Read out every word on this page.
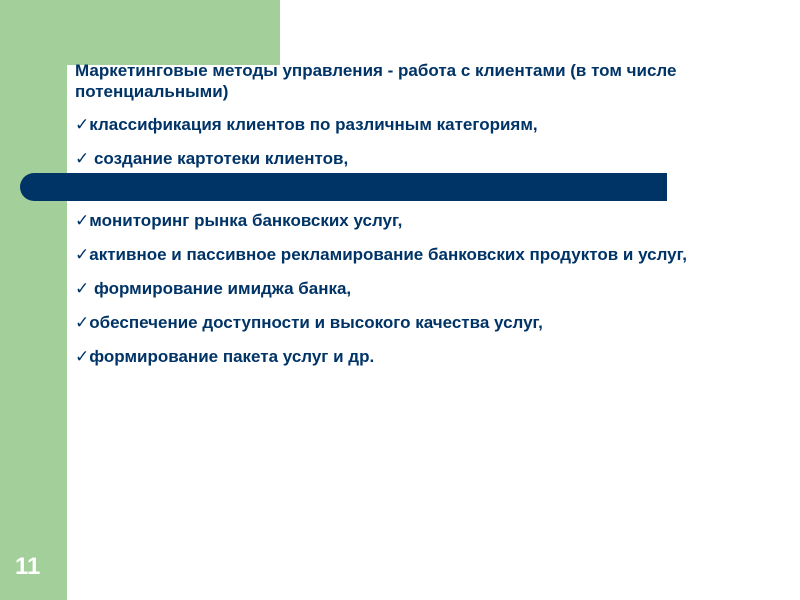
11

Маркетинговые методы управления - работа с клиентами (в том числе потенциальными)

✓классификация клиентов по различным категориям,

✓ создание картотеки клиентов,

✓мониторинг рынка банковских услуг,

✓активное и пассивное рекламирование банковских продуктов и услуг,

✓ формирование имиджа банка,

✓обеспечение доступности и высокого качества услуг,

✓формирование пакета услуг и др.
